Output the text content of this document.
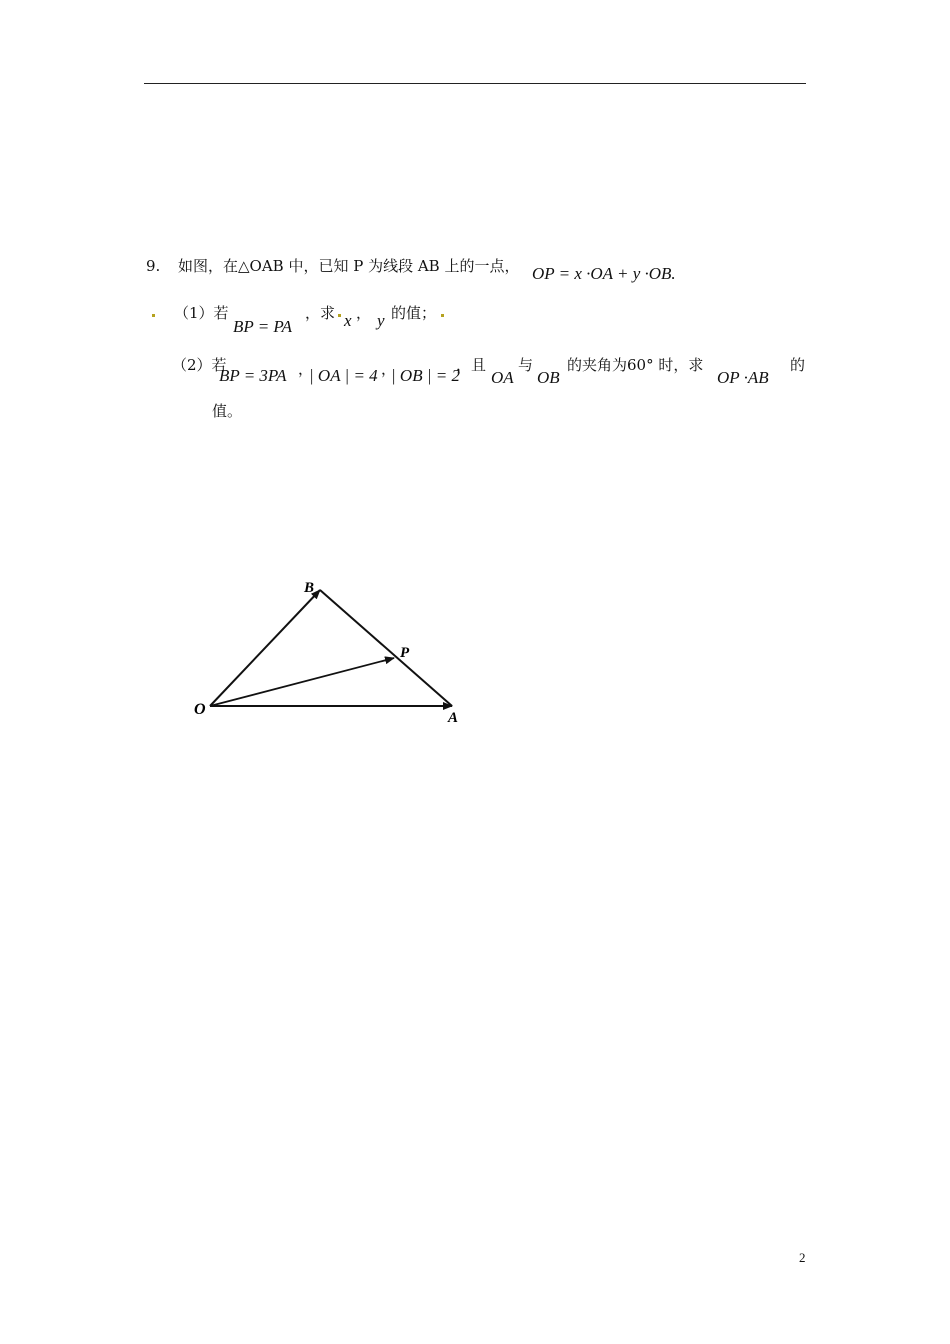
9. 如图，在△OAB 中，已知 P 为线段 AB 上的一点， OP = x ·OA + y ·OB.
（1）若
BP = PA
，求 x ， y 的值；
（2）若
BP = 3PA ，
| OA | = 4 ，
| OB | = 2
，且
OA
与
OB
的夹角为60° 时，求
OP ·AB
的
值。
O	A
B
P
2
